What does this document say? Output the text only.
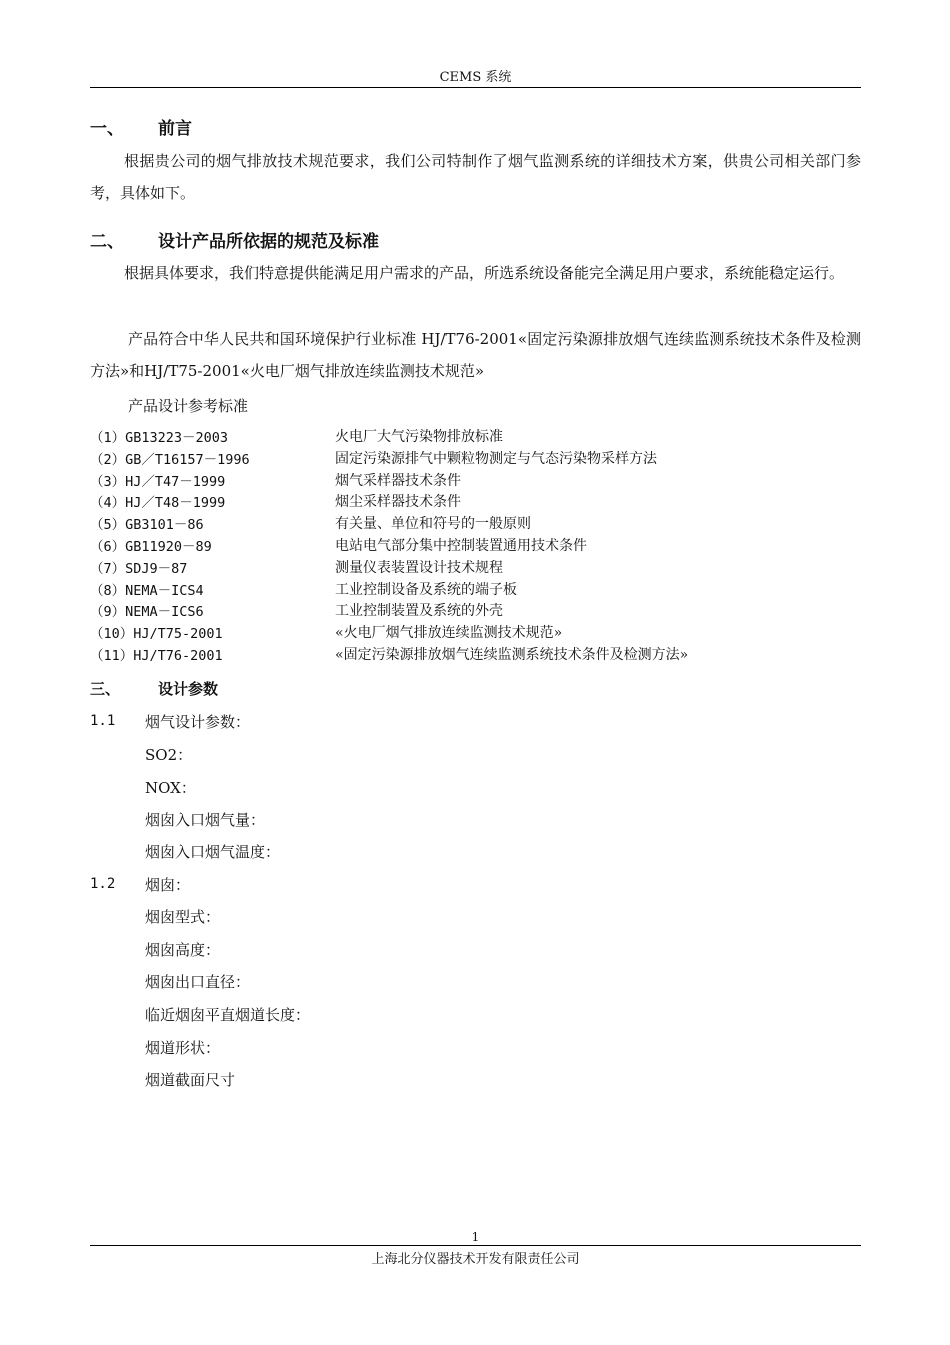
CEMS 系统
一、 前言
根据贵公司的烟气排放技术规范要求，我们公司特制作了烟气监测系统的详细技术方案，供贵公司相关部门参考，具体如下。
二、 设计产品所依据的规范及标准
根据具体要求，我们特意提供能满足用户需求的产品，所选系统设备能完全满足用户要求，系统能稳定运行。
产品符合中华人民共和国环境保护行业标准 HJ/T76-2001«固定污染源排放烟气连续监测系统技术条件及检测方法»和HJ/T75-2001«火电厂烟气排放连续监测技术规范»
产品设计参考标准
（1）GB13223－2003	火电厂大气污染物排放标准
（2）GB／T16157－1996	固定污染源排气中颗粒物测定与气态污染物采样方法
（3）HJ／T47－1999	烟气采样器技术条件
（4）HJ／T48－1999	烟尘采样器技术条件
（5）GB3101－86	有关量、单位和符号的一般原则
（6）GB11920－89	电站电气部分集中控制装置通用技术条件
（7）SDJ9－87	测量仪表装置设计技术规程
（8）NEMA－ICS4	工业控制设备及系统的端子板
（9）NEMA－ICS6	工业控制装置及系统的外壳
（10）HJ/T75-2001	«火电厂烟气排放连续监测技术规范»
（11）HJ/T76-2001	«固定污染源排放烟气连续监测系统技术条件及检测方法»
三、	设计参数
1.1 烟气设计参数：
SO2：
NOX：
烟囱入口烟气量：
烟囱入口烟气温度：
1.2 烟囱：
烟囱型式：
烟囱高度：
烟囱出口直径：
临近烟囱平直烟道长度：
烟道形状：
烟道截面尺寸
1
上海北分仪器技术开发有限责任公司
